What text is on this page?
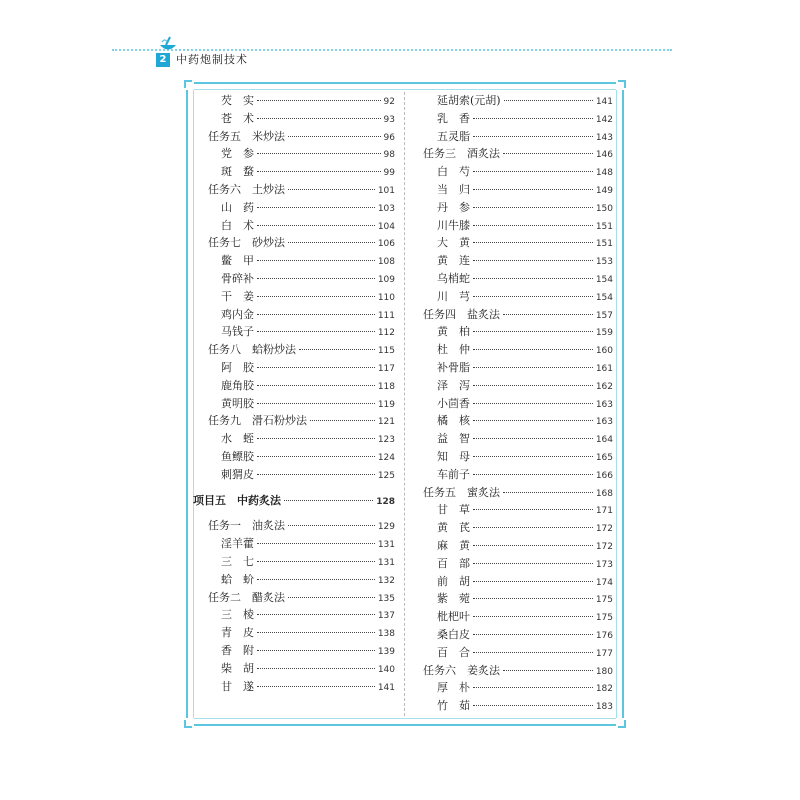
2 中药炮制技术
芡　实	92
苍　术	93
任务五　米炒法	96
党　参	98
斑　蝥	99
任务六　土炒法	101
山　药	103
白　术	104
任务七　砂炒法	106
鳖　甲	108
骨碎补	109
干　姜	110
鸡内金	111
马钱子	112
任务八　蛤粉炒法	115
阿　胶	117
鹿角胶	118
黄明胶	119
任务九　滑石粉炒法	121
水　蛭	123
鱼鳔胶	124
刺猬皮	125
项目五　中药炙法	128
任务一　油炙法	129
淫羊藿	131
三　七	131
蛤　蚧	132
任务二　醋炙法	135
三　棱	137
青　皮	138
香　附	139
柴　胡	140
甘　遂	141
延胡索(元胡)	141
乳　香	142
五灵脂	143
任务三　酒炙法	146
白　芍	148
当　归	149
丹　参	150
川牛膝	151
大　黄	151
黄　连	153
乌梢蛇	154
川　芎	154
任务四　盐炙法	157
黄　柏	159
杜　仲	160
补骨脂	161
泽　泻	162
小茴香	163
橘　核	163
益　智	164
知　母	165
车前子	166
任务五　蜜炙法	168
甘　草	171
黄　芪	172
麻　黄	172
百　部	173
前　胡	174
紫　菀	175
枇杷叶	175
桑白皮	176
百　合	177
任务六　姜炙法	180
厚　朴	182
竹　茹	183
